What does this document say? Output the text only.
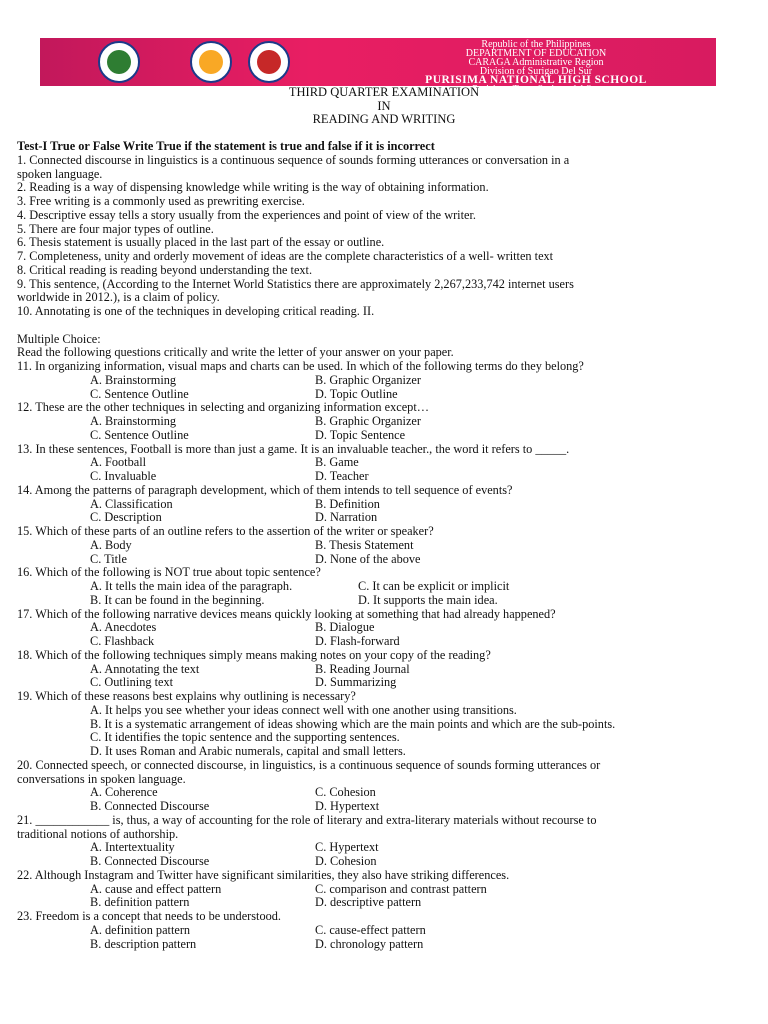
Republic of the Philippines
DEPARTMENT OF EDUCATION
CARAGA Administrative Region
Division of Surigao Del Sur
PURISIMA NATIONAL HIGH SCHOOL
Purisima, Tago, Surigao del Sur
THIRD QUARTER EXAMINATION
IN
READING AND WRITING

Test-I True or False Write True if the statement is true and false if it is incorrect

1. Connected discourse in linguistics is a continuous sequence of sounds forming utterances or conversation in a

spoken language.

2. Reading is a way of dispensing knowledge while writing is the way of obtaining information.

3. Free writing is a commonly used as prewriting exercise.

4. Descriptive essay tells a story usually from the experiences and point of view of the writer.

5. There are four major types of outline.

6. Thesis statement is usually placed in the last part of the essay or outline.

7. Completeness, unity and orderly movement of ideas are the complete characteristics of a well- written text

8. Critical reading is reading beyond understanding the text.

9. This sentence, (According to the Internet World Statistics there are approximately 2,267,233,742 internet users

worldwide in 2012.), is a claim of policy.

10. Annotating is one of the techniques in developing critical reading. II.

Multiple Choice:

Read the following questions critically and write the letter of your answer on your paper.

11. In organizing information, visual maps and charts can be used. In which of the following terms do they belong?

A. Brainstorming	B. Graphic Organizer
C. Sentence Outline	D. Topic Outline

12. These are the other techniques in selecting and organizing information except…

A. Brainstorming	B. Graphic Organizer
C. Sentence Outline	D. Topic Sentence

13. In these sentences, Football is more than just a game. It is an invaluable teacher., the word it refers to _____.

A. Football	B. Game
C. Invaluable	D. Teacher

14. Among the patterns of paragraph development, which of them intends to tell sequence of events?

A. Classification	B. Definition
C. Description	D. Narration

15. Which of these parts of an outline refers to the assertion of the writer or speaker?

A. Body	B. Thesis Statement
C. Title	D. None of the above

16. Which of the following is NOT true about topic sentence?

A. It tells the main idea of the paragraph.	C. It can be explicit or implicit
B. It can be found in the beginning.	D. It supports the main idea.

17. Which of the following narrative devices means quickly looking at something that had already happened?

A. Anecdotes	B. Dialogue
C. Flashback	D. Flash-forward

18. Which of the following techniques simply means making notes on your copy of the reading?

A. Annotating the text	B. Reading Journal
C. Outlining text	D. Summarizing

19. Which of these reasons best explains why outlining is necessary?

A. It helps you see whether your ideas connect well with one another using transitions.

B. It is a systematic arrangement of ideas showing which are the main points and which are the sub-points.

C. It identifies the topic sentence and the supporting sentences.

D. It uses Roman and Arabic numerals, capital and small letters.

20. Connected speech, or connected discourse, in linguistics, is a continuous sequence of sounds forming utterances or

conversations in spoken language.

A. Coherence	C. Cohesion
B. Connected Discourse	D. Hypertext

21. ____________ is, thus, a way of accounting for the role of literary and extra-literary materials without recourse to

traditional notions of authorship.

A. Intertextuality	C. Hypertext
B. Connected Discourse	D. Cohesion

22. Although Instagram and Twitter have significant similarities, they also have striking differences.

A. cause and effect pattern	C. comparison and contrast pattern
B. definition pattern	D. descriptive pattern

23. Freedom is a concept that needs to be understood.

A. definition pattern	C. cause-effect pattern
B. description pattern	D. chronology pattern
